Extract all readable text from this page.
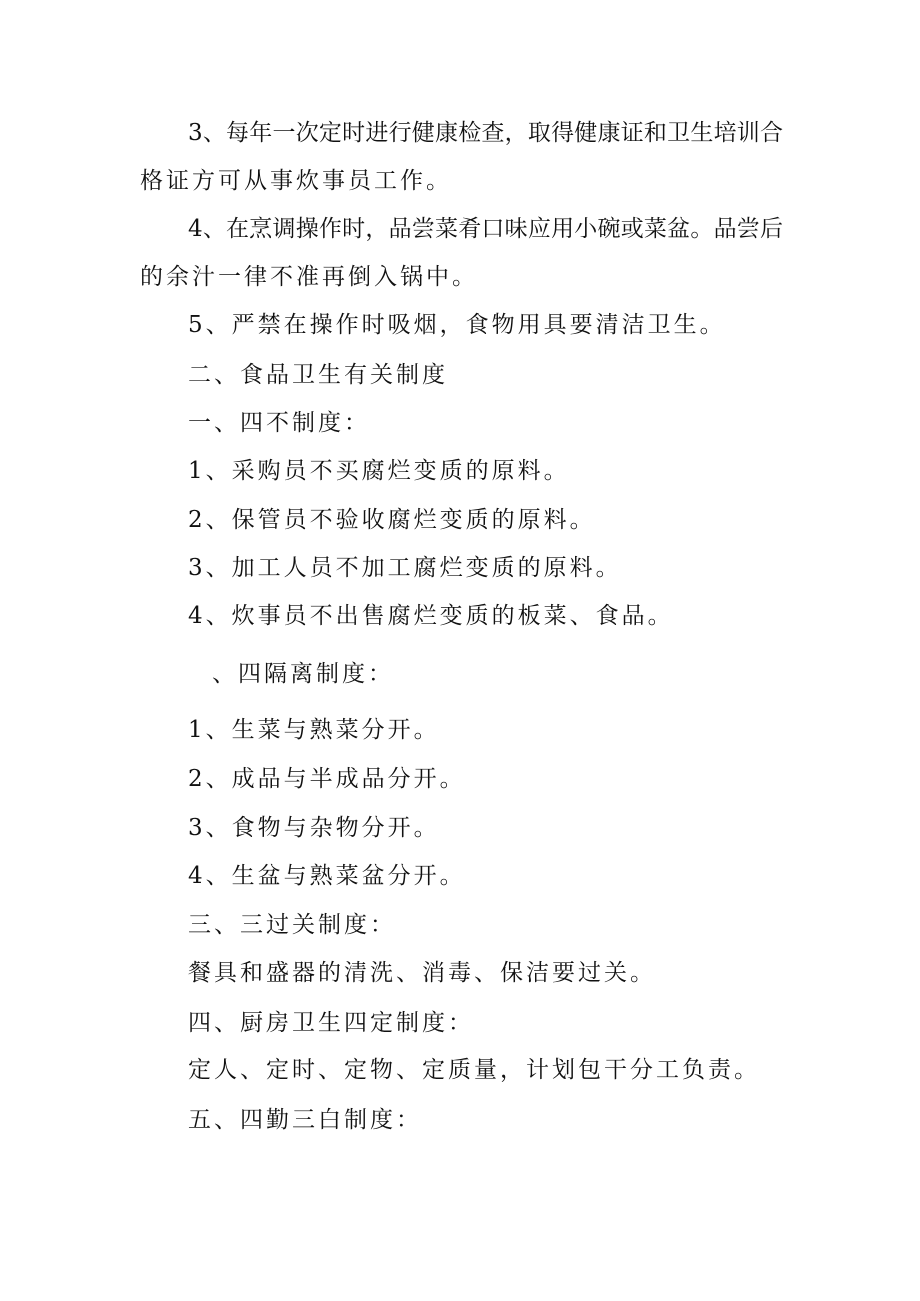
3、每年一次定时进行健康检查，取得健康证和卫生培训合
格证方可从事炊事员工作。
4、在烹调操作时，品尝菜肴口味应用小碗或菜盆。品尝后
的余汁一律不准再倒入锅中。
5、严禁在操作时吸烟，食物用具要清洁卫生。
二、食品卫生有关制度
一、四不制度：
1、采购员不买腐烂变质的原料。
2、保管员不验收腐烂变质的原料。
3、加工人员不加工腐烂变质的原料。
4、炊事员不出售腐烂变质的板菜、食品。
、四隔离制度：
1、生菜与熟菜分开。
2、成品与半成品分开。
3、食物与杂物分开。
4、生盆与熟菜盆分开。
三、三过关制度：
餐具和盛器的清洗、消毒、保洁要过关。
四、厨房卫生四定制度：
定人、定时、定物、定质量，计划包干分工负责。
五、四勤三白制度：
